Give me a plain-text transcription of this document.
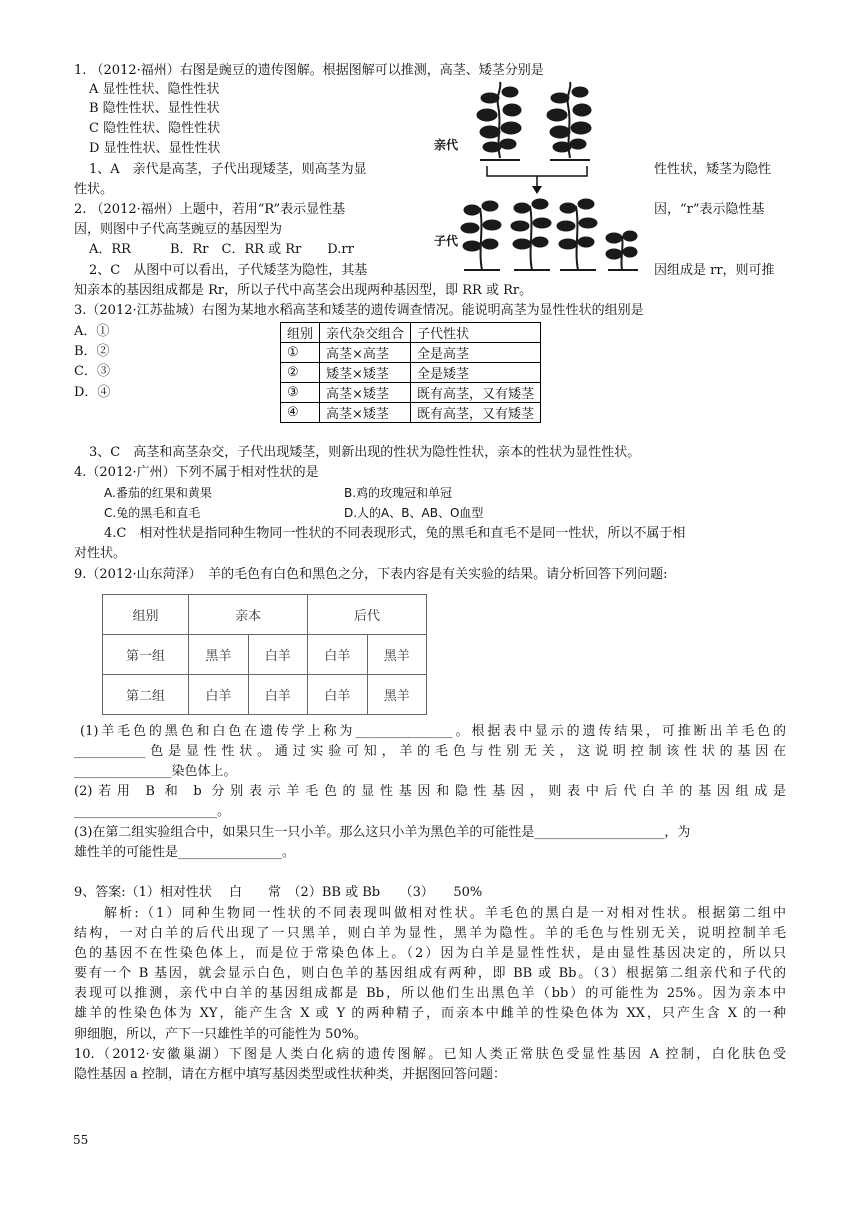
1. （2012·福州）右图是豌豆的遗传图解。根据图解可以推测，高茎、矮茎分别是
A 显性性状、隐性性状
B 隐性性状、显性性状
C 隐性性状、隐性性状
D 显性性状、显性性状
1、A　亲代是高茎，子代出现矮茎，则高茎为显	性性状，矮茎为隐性
性状。
2. （2012·福州）上题中，若用“R”表示显性基	因，“r”表示隐性基
因，则图中子代高茎豌豆的基因型为
A．RR　　　B．Rr　C．RR 或 Rr　　D.rr
2、C　从图中可以看出，子代矮茎为隐性，其基	因组成是 rr，则可推
知亲本的基因组成都是 Rr，所以子代中高茎会出现两种基因型，即 RR 或 Rr。
亲代
子代
3.（2012·江苏盐城）右图为某地水稻高茎和矮茎的遗传调查情况。能说明高茎为显性性状的组别是
A．①
B．②
C．③
D．④
组别	亲代杂交组合	子代性状
①	高茎×高茎	全是高茎
②	矮茎×矮茎	全是矮茎
③	高茎×矮茎	既有高茎，又有矮茎
④	高茎×矮茎	既有高茎，又有矮茎
3、C　高茎和高茎杂交，子代出现矮茎，则新出现的性状为隐性性状，亲本的性状为显性性状。
4.（2012·广州）下列不属于相对性状的是
A.番茄的红果和黄果	B.鸡的玫瑰冠和单冠
C.兔的黑毛和直毛	D.人的A、B、AB、O血型
4.C　相对性状是指同种生物同一性状的不同表现形式，兔的黑毛和直毛不是同一性状，所以不属于相
对性状。
9.（2012·山东菏泽）　羊的毛色有白色和黑色之分，下表内容是有关实验的结果。请分析回答下列问题:
组别	亲本		后代	
第一组	黑羊	白羊	白羊	黑羊
第二组	白羊	白羊	白羊	黑羊
(1)羊毛色的黑色和白色在遗传学上称为_______________。根据表中显示的遗传结果，可推断出羊毛色的
___________色是显性性状。通过实验可知，羊的毛色与性别无关，这说明控制该性状的基因在
_______________染色体上。
(2)若用 B 和 b 分别表示羊毛色的显性基因和隐性基因，则表中后代白羊的基因组成是
______________________。
(3)在第二组实验组合中，如果只生一只小羊。那么这只小羊为黑色羊的可能性是____________________，为
雄性羊的可能性是________________。
9、答案:（1）相对性状　 白　　常　（2）BB 或 Bb　　（3）　　50%
解析:（1）同种生物同一性状的不同表现叫做相对性状。羊毛色的黑白是一对相对性状。根据第二组中
结构，一对白羊的后代出现了一只黑羊，则白羊为显性，黑羊为隐性。羊的毛色与性别无关，说明控制羊毛
色的基因不在性染色体上，而是位于常染色体上。（2）因为白羊是显性性状，是由显性基因决定的，所以只
要有一个 B 基因，就会显示白色，则白色羊的基因组成有两种，即 BB 或 Bb。（3）根据第二组亲代和子代的
表现可以推测，亲代中白羊的基因组成都是 Bb，所以他们生出黑色羊（bb）的可能性为 25%。因为亲本中
雄羊的性染色体为 XY，能产生含 X 或 Y 的两种精子，而亲本中雌羊的性染色体为 XX，只产生含 X 的一种
卵细胞，所以，产下一只雄性羊的可能性为 50%。
10.（2012·安徽巢湖）下图是人类白化病的遗传图解。已知人类正常肤色受显性基因 A 控制，白化肤色受
隐性基因 a 控制，请在方框中填写基因类型或性状种类，并据图回答问题：
55
